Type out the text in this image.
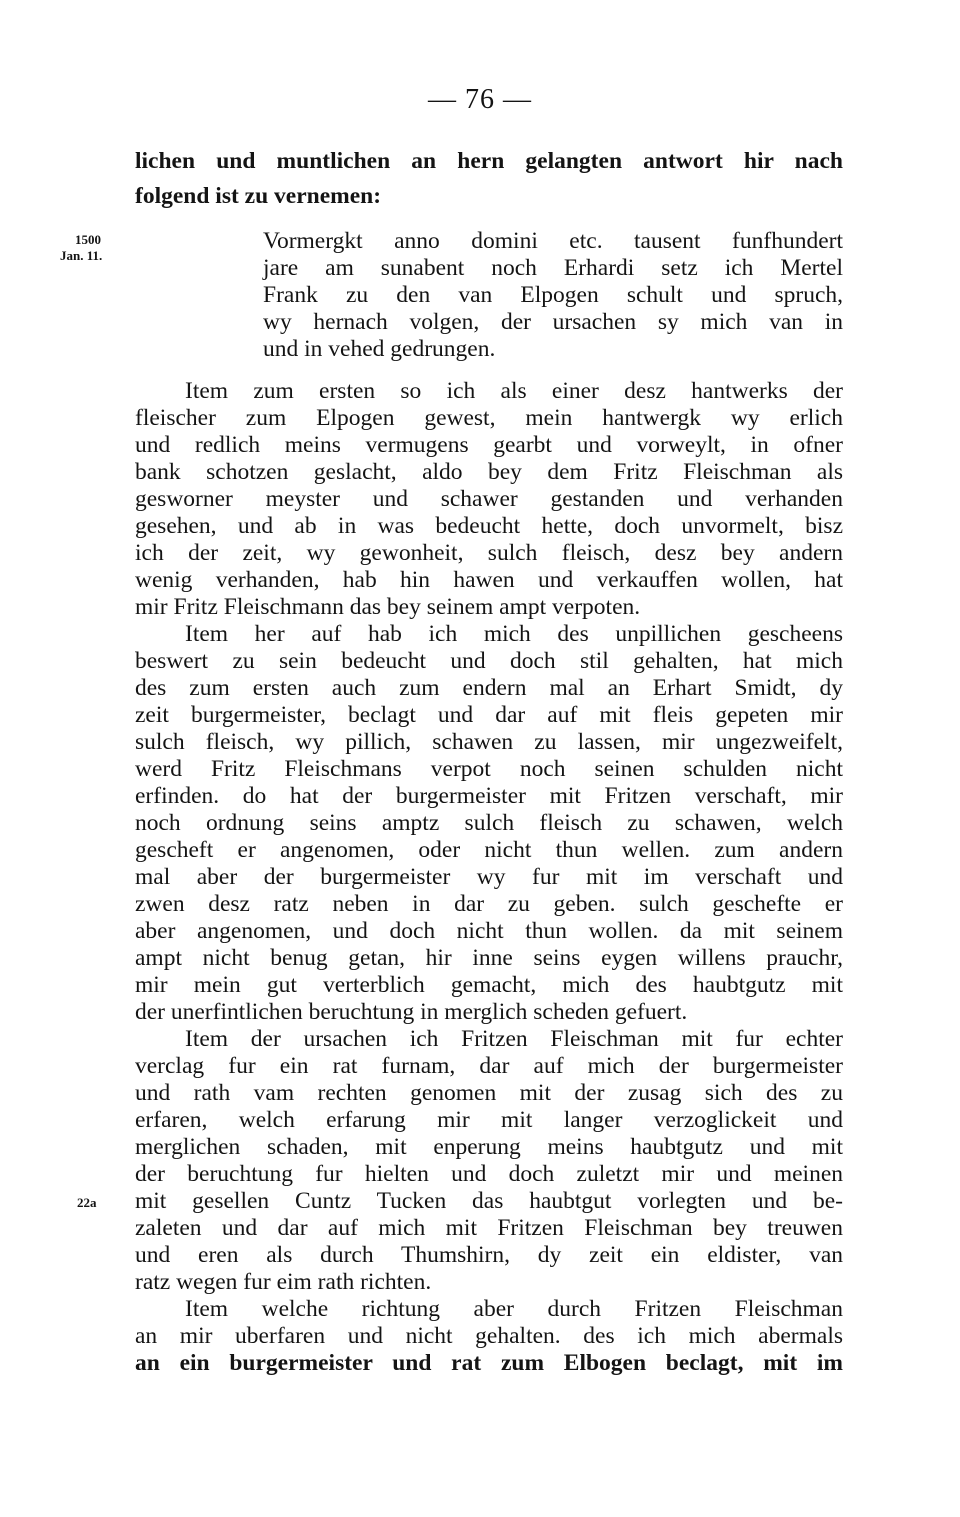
— 76 —
1500
Jan. 11.
22a
lichen und muntlichen an hern gelangten antwort hir nach
folgend ist zu vernemen:
Vormergkt anno domini etc. tausent funfhundert
jare am sunabent noch Erhardi setz ich Mertel
Frank zu den van Elpogen schult und spruch,
wy hernach volgen, der ursachen sy mich van in
und in vehed gedrungen.
Item zum ersten so ich als einer desz hantwerks der
fleischer zum Elpogen gewest, mein hantwergk wy erlich
und redlich meins vermugens gearbt und vorweylt, in ofner
bank schotzen geslacht, aldo bey dem Fritz Fleischman als
gesworner meyster und schawer gestanden und verhanden
gesehen, und ab in was bedeucht hette, doch unvormelt, bisz
ich der zeit, wy gewonheit, sulch fleisch, desz bey andern
wenig verhanden, hab hin hawen und verkauffen wollen, hat
mir Fritz Fleischmann das bey seinem ampt verpoten.
Item her auf hab ich mich des unpillichen gescheens
beswert zu sein bedeucht und doch stil gehalten, hat mich
des zum ersten auch zum endern mal an Erhart Smidt, dy
zeit burgermeister, beclagt und dar auf mit fleis gepeten mir
sulch fleisch, wy pillich, schawen zu lassen, mir ungezweifelt,
werd Fritz Fleischmans verpot noch seinen schulden nicht
erfinden. do hat der burgermeister mit Fritzen verschaft, mir
noch ordnung seins amptz sulch fleisch zu schawen, welch
gescheft er angenomen, oder nicht thun wellen. zum andern
mal aber der burgermeister wy fur mit im verschaft und
zwen desz ratz neben in dar zu geben. sulch geschefte er
aber angenomen, und doch nicht thun wollen. da mit seinem
ampt nicht benug getan, hir inne seins eygen willens prauchr,
mir mein gut verterblich gemacht, mich des haubtgutz mit
der unerfintlichen beruchtung in merglich scheden gefuert.
Item der ursachen ich Fritzen Fleischman mit fur echter
verclag fur ein rat furnam, dar auf mich der burgermeister
und rath vam rechten genomen mit der zusag sich des zu
erfaren, welch erfarung mir mit langer verzoglickeit und
merglichen schaden, mit enperung meins haubtgutz und mit
der beruchtung fur hielten und doch zuletzt mir und meinen
mit gesellen Cuntz Tucken das haubtgut vorlegten und be-
zaleten und dar auf mich mit Fritzen Fleischman bey treuwen
und eren als durch Thumshirn, dy zeit ein eldister, van
ratz wegen fur eim rath richten.
Item welche richtung aber durch Fritzen Fleischman
an mir uberfaren und nicht gehalten. des ich mich abermals
an ein burgermeister und rat zum Elbogen beclagt, mit im
